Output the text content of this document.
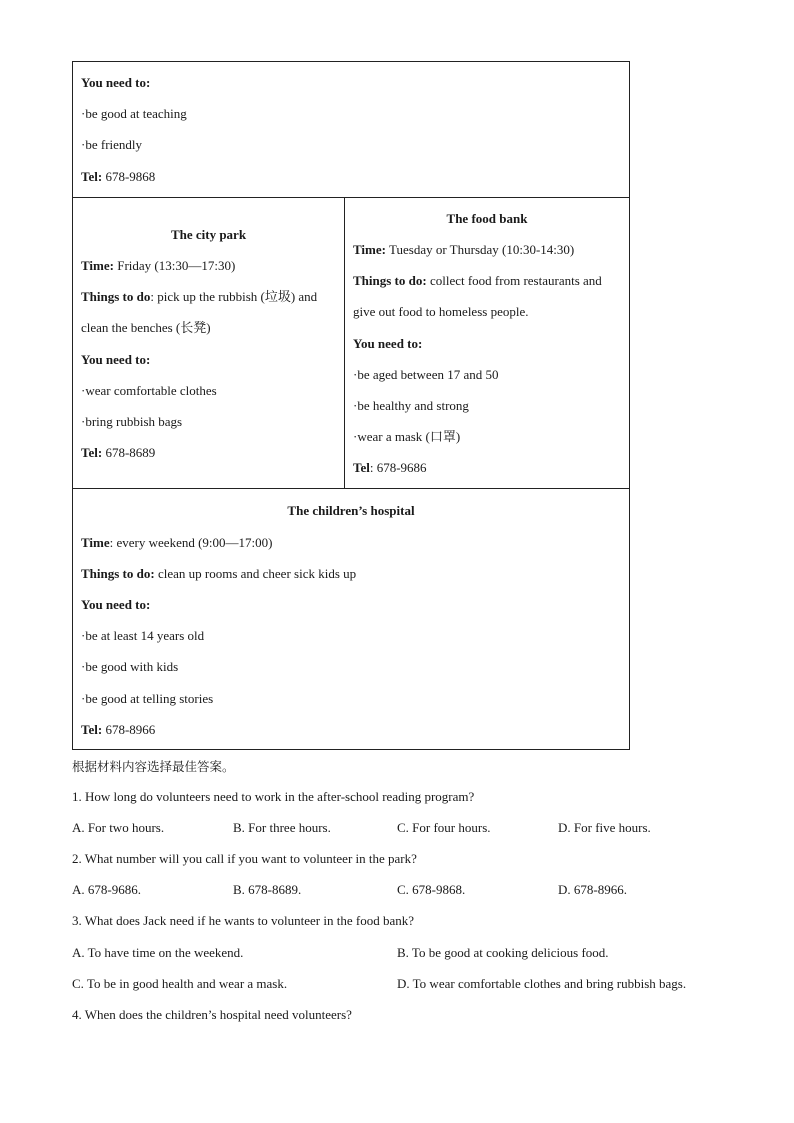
You need to:
· be good at teaching
· be friendly
Tel: 678-9868
The city park
Time: Friday (13:30—17:30)
Things to do: pick up the rubbish (垃圾) and
clean the benches (长凳)
You need to:
· wear comfortable clothes
· bring rubbish bags
Tel: 678-8689
The food bank
Time: Tuesday or Thursday (10:30-14:30)
Things to do: collect food from restaurants and
give out food to homeless people.
You need to:
· be aged between 17 and 50
· be healthy and strong
· wear a mask (口罩)
Tel: 678-9686
The children’s hospital
Time: every weekend (9:00—17:00)
Things to do: clean up rooms and cheer sick kids up
You need to:
· be at least 14 years old
· be good with kids
· be good at telling stories
Tel: 678-8966
根据材料内容选择最佳答案。
1. How long do volunteers need to work in the after-school reading program?
A. For two hours.	B. For three hours.	C. For four hours.	D. For five hours.
2. What number will you call if you want to volunteer in the park?
A. 678-9686.	B. 678-8689.	C. 678-9868.	D. 678-8966.
3. What does Jack need if he wants to volunteer in the food bank?
A. To have time on the weekend.	B. To be good at cooking delicious food.
C. To be in good health and wear a mask.	D. To wear comfortable clothes and bring rubbish bags.
4. When does the children’s hospital need volunteers?
